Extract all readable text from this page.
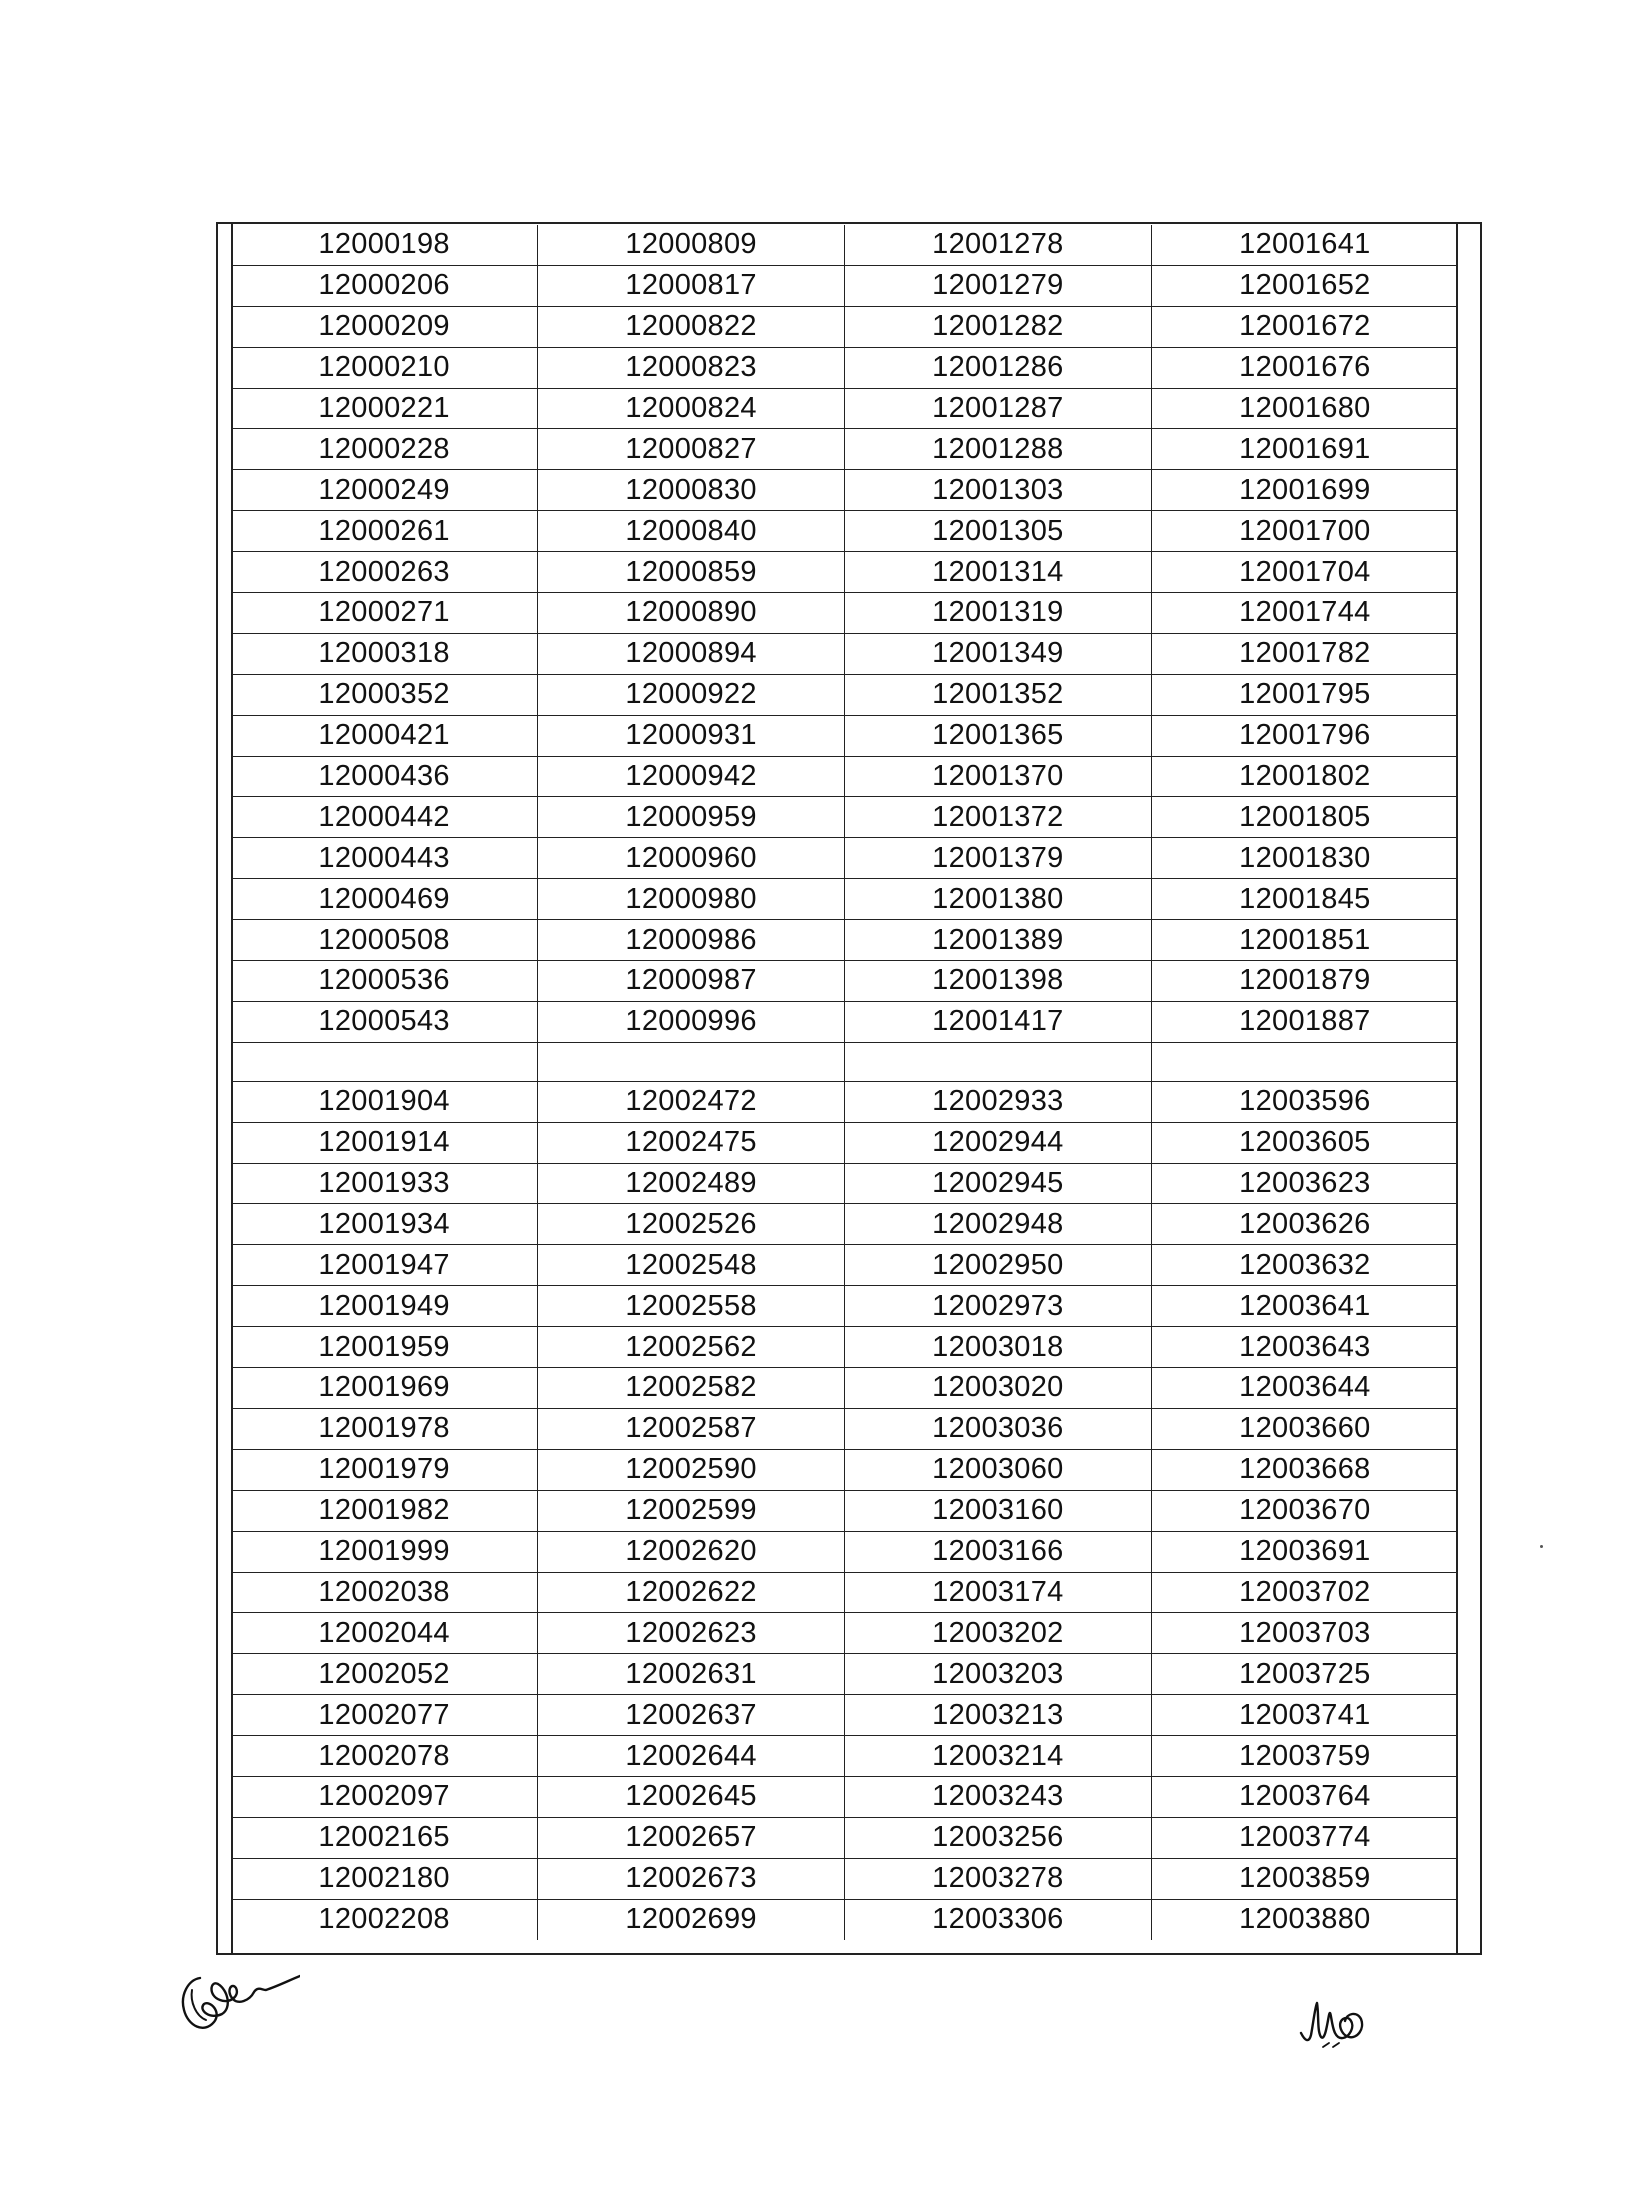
12000198	12000809	12001278	12001641
12000206	12000817	12001279	12001652
12000209	12000822	12001282	12001672
12000210	12000823	12001286	12001676
12000221	12000824	12001287	12001680
12000228	12000827	12001288	12001691
12000249	12000830	12001303	12001699
12000261	12000840	12001305	12001700
12000263	12000859	12001314	12001704
12000271	12000890	12001319	12001744
12000318	12000894	12001349	12001782
12000352	12000922	12001352	12001795
12000421	12000931	12001365	12001796
12000436	12000942	12001370	12001802
12000442	12000959	12001372	12001805
12000443	12000960	12001379	12001830
12000469	12000980	12001380	12001845
12000508	12000986	12001389	12001851
12000536	12000987	12001398	12001879
12000543	12000996	12001417	12001887

12001904	12002472	12002933	12003596
12001914	12002475	12002944	12003605
12001933	12002489	12002945	12003623
12001934	12002526	12002948	12003626
12001947	12002548	12002950	12003632
12001949	12002558	12002973	12003641
12001959	12002562	12003018	12003643
12001969	12002582	12003020	12003644
12001978	12002587	12003036	12003660
12001979	12002590	12003060	12003668
12001982	12002599	12003160	12003670
12001999	12002620	12003166	12003691
12002038	12002622	12003174	12003702
12002044	12002623	12003202	12003703
12002052	12002631	12003203	12003725
12002077	12002637	12003213	12003741
12002078	12002644	12003214	12003759
12002097	12002645	12003243	12003764
12002165	12002657	12003256	12003774
12002180	12002673	12003278	12003859
12002208	12002699	12003306	12003880
